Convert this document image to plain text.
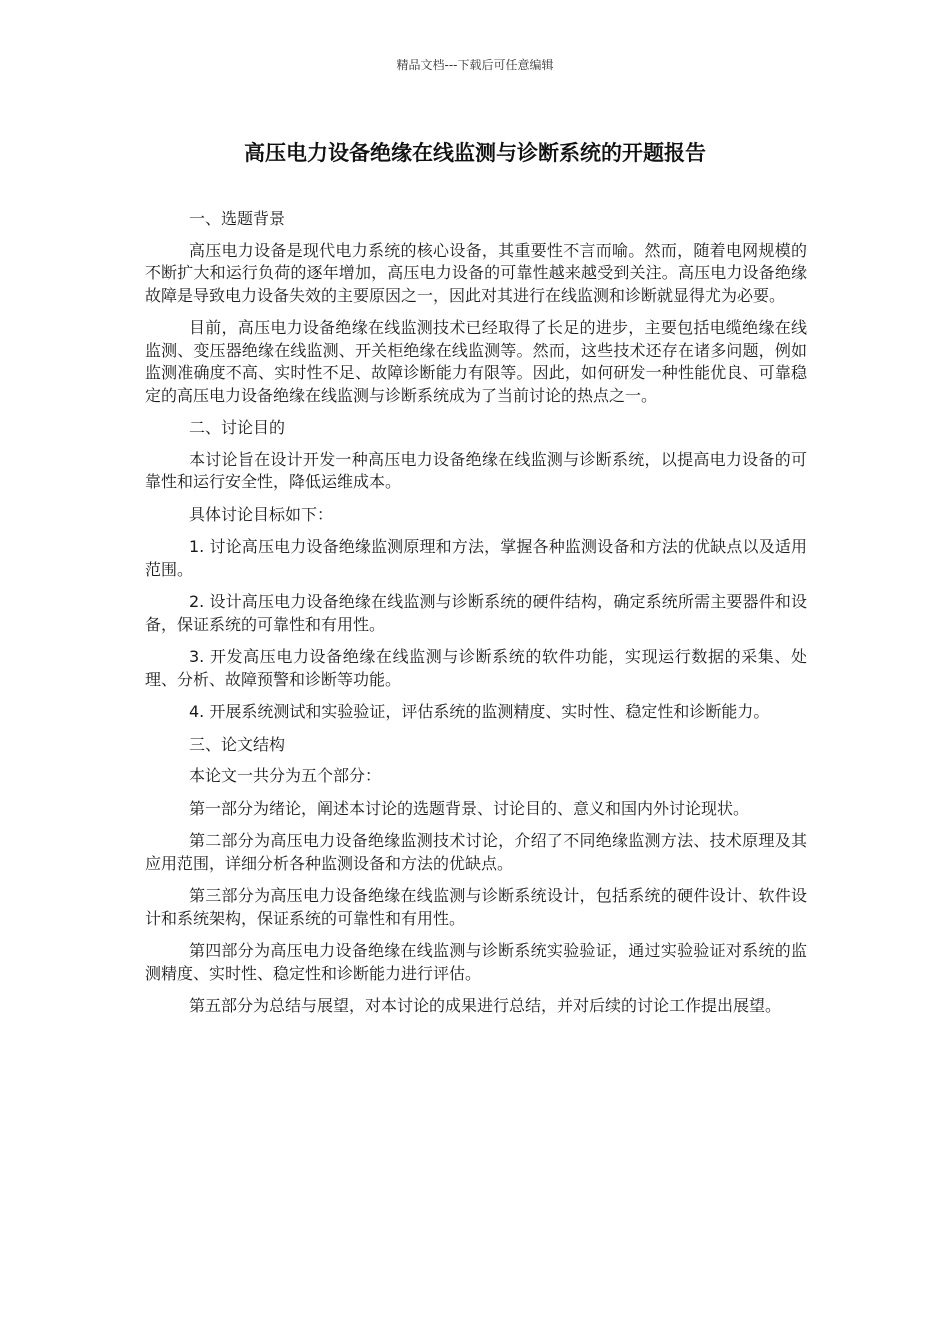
精品文档---下载后可任意编辑
高压电力设备绝缘在线监测与诊断系统的开题报告

一、选题背景

高压电力设备是现代电力系统的核心设备，其重要性不言而喻。然而，随着电网规模的不断扩大和运行负荷的逐年增加，高压电力设备的可靠性越来越受到关注。高压电力设备绝缘故障是导致电力设备失效的主要原因之一，因此对其进行在线监测和诊断就显得尤为必要。

目前，高压电力设备绝缘在线监测技术已经取得了长足的进步，主要包括电缆绝缘在线监测、变压器绝缘在线监测、开关柜绝缘在线监测等。然而，这些技术还存在诸多问题，例如监测准确度不高、实时性不足、故障诊断能力有限等。因此，如何研发一种性能优良、可靠稳定的高压电力设备绝缘在线监测与诊断系统成为了当前讨论的热点之一。

二、讨论目的

本讨论旨在设计开发一种高压电力设备绝缘在线监测与诊断系统，以提高电力设备的可靠性和运行安全性，降低运维成本。

具体讨论目标如下：

1. 讨论高压电力设备绝缘监测原理和方法，掌握各种监测设备和方法的优缺点以及适用范围。

2. 设计高压电力设备绝缘在线监测与诊断系统的硬件结构，确定系统所需主要器件和设备，保证系统的可靠性和有用性。

3. 开发高压电力设备绝缘在线监测与诊断系统的软件功能，实现运行数据的采集、处理、分析、故障预警和诊断等功能。

4. 开展系统测试和实验验证，评估系统的监测精度、实时性、稳定性和诊断能力。

三、论文结构

本论文一共分为五个部分：

第一部分为绪论，阐述本讨论的选题背景、讨论目的、意义和国内外讨论现状。

第二部分为高压电力设备绝缘监测技术讨论，介绍了不同绝缘监测方法、技术原理及其应用范围，详细分析各种监测设备和方法的优缺点。

第三部分为高压电力设备绝缘在线监测与诊断系统设计，包括系统的硬件设计、软件设计和系统架构，保证系统的可靠性和有用性。

第四部分为高压电力设备绝缘在线监测与诊断系统实验验证，通过实验验证对系统的监测精度、实时性、稳定性和诊断能力进行评估。

第五部分为总结与展望，对本讨论的成果进行总结，并对后续的讨论工作提出展望。
